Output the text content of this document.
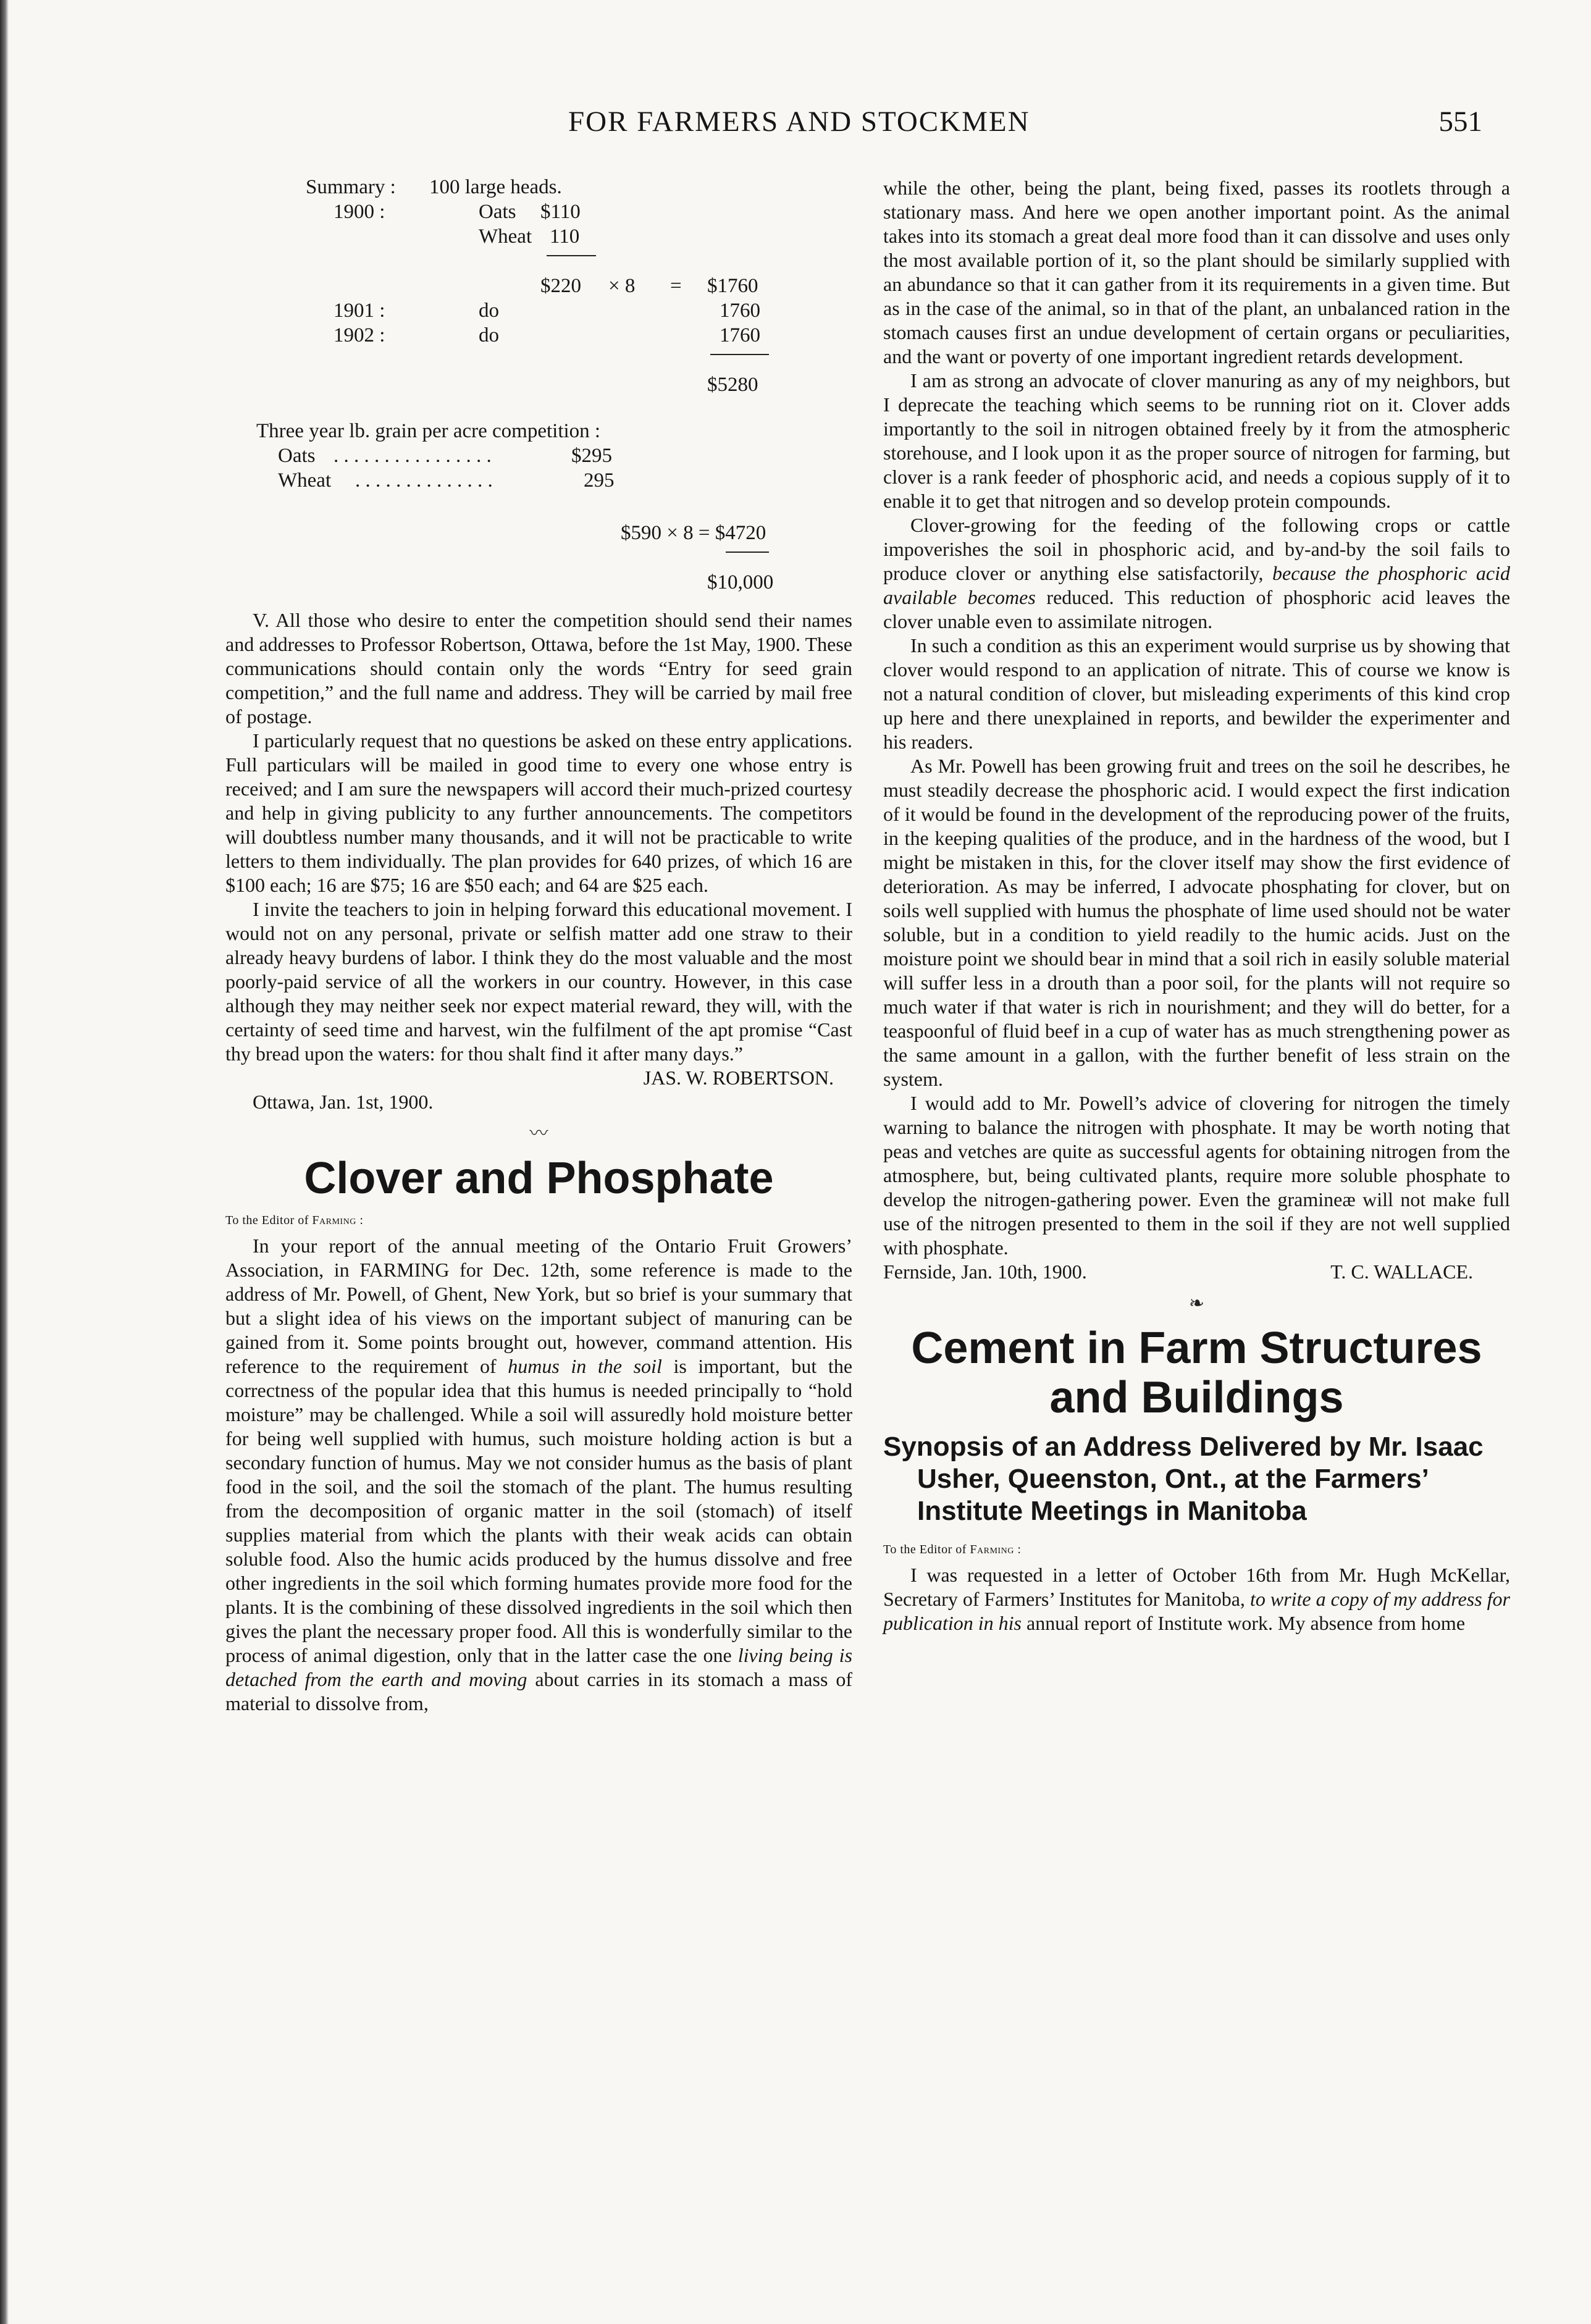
FOR FARMERS AND STOCKMEN	551
Summary : 100 large heads.
1900 :	Oats $110
Wheat 110
$220 × 8 = $1760
1901 :	do	1760
1902 :	do	1760
$5280
Three year lb. grain per acre competition :
Oats . . . . . . . . . . . . . . . .	$295
Wheat . . . . . . . . . . . . . .	295
$590 × 8 = $4720
$10,000

V. All those who desire to enter the competition should send their names and addresses to Professor Robertson, Ottawa, before the 1st May, 1900. These communications should contain only the words “Entry for seed grain competition,” and the full name and address. They will be carried by mail free of postage.

I particularly request that no questions be asked on these entry applications. Full particulars will be mailed in good time to every one whose entry is received; and I am sure the newspapers will accord their much-prized courtesy and help in giving publicity to any further announcements. The competitors will doubtless number many thousands, and it will not be practicable to write letters to them individually. The plan provides for 640 prizes, of which 16 are $100 each; 16 are $75; 16 are $50 each; and 64 are $25 each.

I invite the teachers to join in helping forward this educational movement. I would not on any personal, private or selfish matter add one straw to their already heavy burdens of labor. I think they do the most valuable and the most poorly-paid service of all the workers in our country. However, in this case although they may neither seek nor expect material reward, they will, with the certainty of seed time and harvest, win the fulfilment of the apt promise “Cast thy bread upon the waters: for thou shalt find it after many days.”

JAS. W. ROBERTSON.
Ottawa, Jan. 1st, 1900.
〰
Clover and Phosphate
To the Editor of Farming :

In your report of the annual meeting of the Ontario Fruit Growers’ Association, in FARMING for Dec. 12th, some reference is made to the address of Mr. Powell, of Ghent, New York, but so brief is your summary that but a slight idea of his views on the important subject of manuring can be gained from it. Some points brought out, however, command attention. His reference to the requirement of humus in the soil is important, but the correctness of the popular idea that this humus is needed principally to “hold moisture” may be challenged. While a soil will assuredly hold moisture better for being well supplied with humus, such moisture holding action is but a secondary function of humus. May we not consider humus as the basis of plant food in the soil, and the soil the stomach of the plant. The humus resulting from the decomposition of organic matter in the soil (stomach) of itself supplies material from which the plants with their weak acids can obtain soluble food. Also the humic acids produced by the humus dissolve and free other ingredients in the soil which forming humates provide more food for the plants. It is the combining of these dissolved ingredients in the soil which then gives the plant the necessary proper food. All this is wonderfully similar to the process of animal digestion, only that in the latter case the one living being is detached from the earth and moving about carries in its stomach a mass of material to dissolve from,

while the other, being the plant, being fixed, passes its rootlets through a stationary mass. And here we open another important point. As the animal takes into its stomach a great deal more food than it can dissolve and uses only the most available portion of it, so the plant should be similarly supplied with an abundance so that it can gather from it its requirements in a given time. But as in the case of the animal, so in that of the plant, an unbalanced ration in the stomach causes first an undue development of certain organs or peculiarities, and the want or poverty of one important ingredient retards development.

I am as strong an advocate of clover manuring as any of my neighbors, but I deprecate the teaching which seems to be running riot on it. Clover adds importantly to the soil in nitrogen obtained freely by it from the atmospheric storehouse, and I look upon it as the proper source of nitrogen for farming, but clover is a rank feeder of phosphoric acid, and needs a copious supply of it to enable it to get that nitrogen and so develop protein compounds.

Clover-growing for the feeding of the following crops or cattle impoverishes the soil in phosphoric acid, and by-and-by the soil fails to produce clover or anything else satisfactorily, because the phosphoric acid available becomes reduced. This reduction of phosphoric acid leaves the clover unable even to assimilate nitrogen.

In such a condition as this an experiment would surprise us by showing that clover would respond to an application of nitrate. This of course we know is not a natural condition of clover, but misleading experiments of this kind crop up here and there unexplained in reports, and bewilder the experimenter and his readers.

As Mr. Powell has been growing fruit and trees on the soil he describes, he must steadily decrease the phosphoric acid. I would expect the first indication of it would be found in the development of the reproducing power of the fruits, in the keeping qualities of the produce, and in the hardness of the wood, but I might be mistaken in this, for the clover itself may show the first evidence of deterioration. As may be inferred, I advocate phosphating for clover, but on soils well supplied with humus the phosphate of lime used should not be water soluble, but in a condition to yield readily to the humic acids. Just on the moisture point we should bear in mind that a soil rich in easily soluble material will suffer less in a drouth than a poor soil, for the plants will not require so much water if that water is rich in nourishment; and they will do better, for a teaspoonful of fluid beef in a cup of water has as much strengthening power as the same amount in a gallon, with the further benefit of less strain on the system.

I would add to Mr. Powell’s advice of clovering for nitrogen the timely warning to balance the nitrogen with phosphate. It may be worth noting that peas and vetches are quite as successful agents for obtaining nitrogen from the atmosphere, but, being cultivated plants, require more soluble phosphate to develop the nitrogen-gathering power. Even the gramineæ will not make full use of the nitrogen presented to them in the soil if they are not well supplied with phosphate.

Fernside, Jan. 10th, 1900.	T. C. WALLACE.
❧
Cement in Farm Structures and Buildings
Synopsis of an Address Delivered by Mr. Isaac Usher, Queenston, Ont., at the Farmers’ Institute Meetings in Manitoba
To the Editor of Farming :

I was requested in a letter of October 16th from Mr. Hugh McKellar, Secretary of Farmers’ Institutes for Manitoba, to write a copy of my address for publication in his annual report of Institute work. My absence from home
